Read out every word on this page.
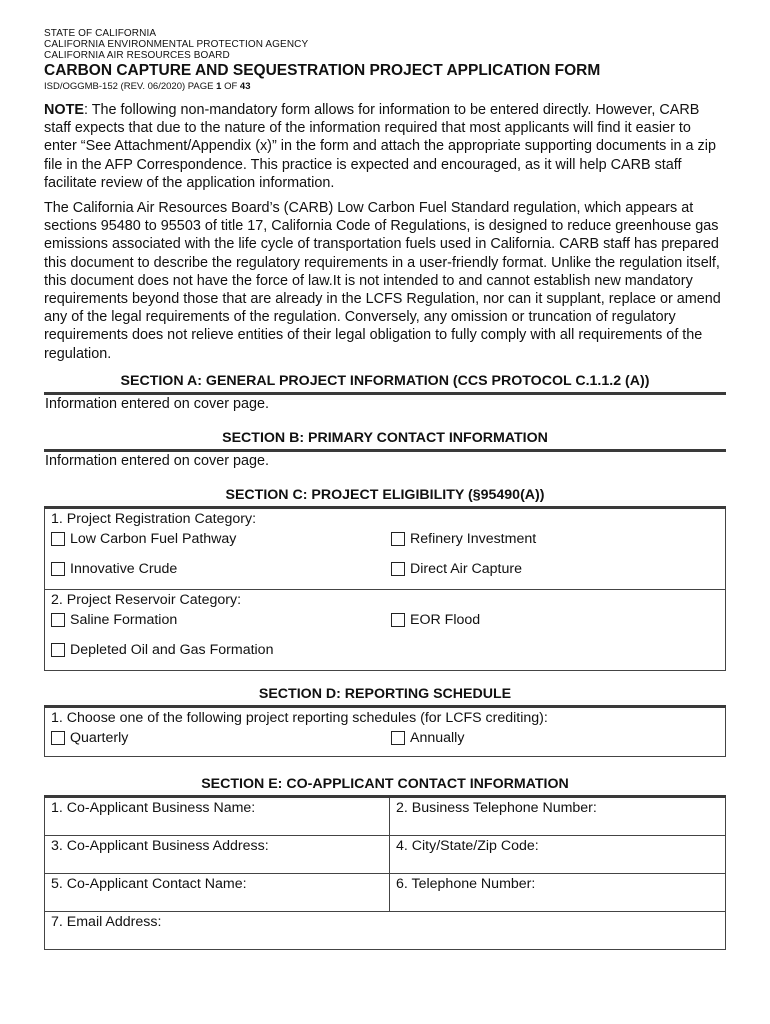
STATE OF CALIFORNIA
CALIFORNIA ENVIRONMENTAL PROTECTION AGENCY
CALIFORNIA AIR RESOURCES BOARD
CARBON CAPTURE AND SEQUESTRATION PROJECT APPLICATION FORM
ISD/OGGMB-152 (REV. 06/2020) PAGE 1 OF 43

NOTE: The following non-mandatory form allows for information to be entered directly. However, CARB staff expects that due to the nature of the information required that most applicants will find it easier to enter “See Attachment/Appendix (x)” in the form and attach the appropriate supporting documents in a zip file in the AFP Correspondence. This practice is expected and encouraged, as it will help CARB staff facilitate review of the application information.

The California Air Resources Board’s (CARB) Low Carbon Fuel Standard regulation, which appears at sections 95480 to 95503 of title 17, California Code of Regulations, is designed to reduce greenhouse gas emissions associated with the life cycle of transportation fuels used in California. CARB staff has prepared this document to describe the regulatory requirements in a user-friendly format. Unlike the regulation itself, this document does not have the force of law.It is not intended to and cannot establish new mandatory requirements beyond those that are already in the LCFS Regulation, nor can it supplant, replace or amend any of the legal requirements of the regulation. Conversely, any omission or truncation of regulatory requirements does not relieve entities of their legal obligation to fully comply with all requirements of the regulation.

SECTION A: GENERAL PROJECT INFORMATION (CCS PROTOCOL C.1.1.2 (A))
Information entered on cover page.
SECTION B: PRIMARY CONTACT INFORMATION
Information entered on cover page.
SECTION C: PROJECT ELIGIBILITY (§95490(A))
1. Project Registration Category:
Low Carbon Fuel Pathway	Refinery Investment
Innovative Crude	Direct Air Capture
2. Project Reservoir Category:
Saline Formation	EOR Flood
Depleted Oil and Gas Formation
SECTION D: REPORTING SCHEDULE
1. Choose one of the following project reporting schedules (for LCFS crediting):
Quarterly	Annually
SECTION E: CO-APPLICANT CONTACT INFORMATION
1. Co-Applicant Business Name:	2. Business Telephone Number:
3. Co-Applicant Business Address:	4. City/State/Zip Code:
5. Co-Applicant Contact Name:	6. Telephone Number:
7. Email Address:	
